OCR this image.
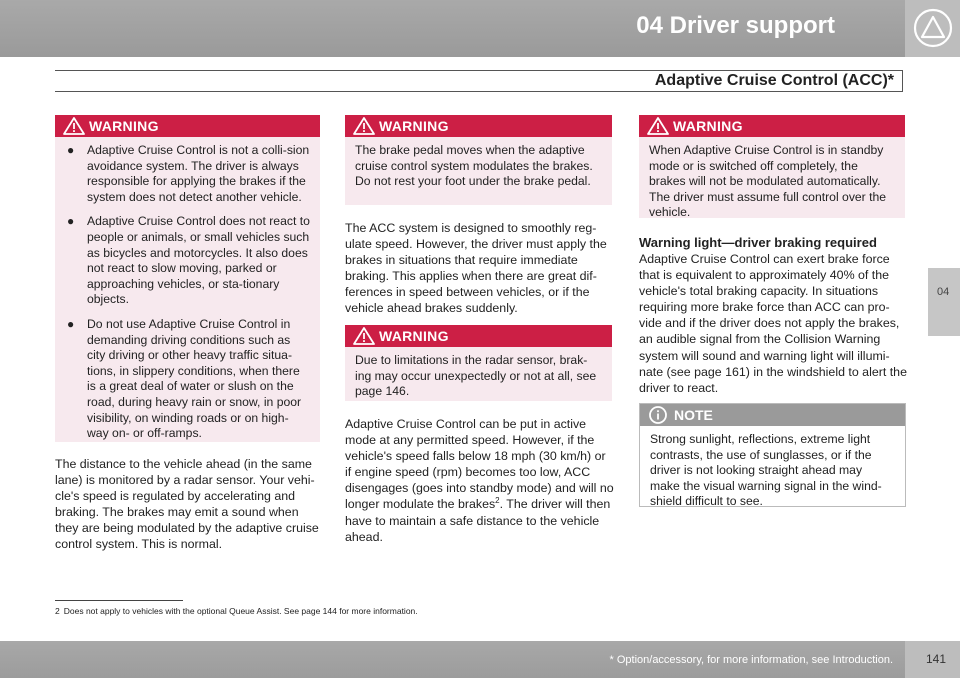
04 Driver support
Adaptive Cruise Control (ACC)*
04
WARNING
● Adaptive Cruise Control is not a colli-sion avoidance system. The driver is always responsible for applying the brakes if the system does not detect another vehicle.
● Adaptive Cruise Control does not react to people or animals, or small vehicles such as bicycles and motorcycles. It also does not react to slow moving, parked or approaching vehicles, or sta-tionary objects.
● Do not use Adaptive Cruise Control in demanding driving conditions such as city driving or other heavy traffic situa-tions, in slippery conditions, when there is a great deal of water or slush on the road, during heavy rain or snow, in poor visibility, on winding roads or on high-way on- or off-ramps.
The distance to the vehicle ahead (in the same lane) is monitored by a radar sensor. Your vehi-cle's speed is regulated by accelerating and braking. The brakes may emit a sound when they are being modulated by the adaptive cruise control system. This is normal.
WARNING
The brake pedal moves when the adaptive cruise control system modulates the brakes. Do not rest your foot under the brake pedal.
The ACC system is designed to smoothly reg-ulate speed. However, the driver must apply the brakes in situations that require immediate braking. This applies when there are great dif-ferences in speed between vehicles, or if the vehicle ahead brakes suddenly.
WARNING
Due to limitations in the radar sensor, brak-ing may occur unexpectedly or not at all, see page 146.
Adaptive Cruise Control can be put in active mode at any permitted speed. However, if the vehicle's speed falls below 18 mph (30 km/h) or if engine speed (rpm) becomes too low, ACC disengages (goes into standby mode) and will no longer modulate the brakes$^2$. The driver will then have to maintain a safe distance to the vehicle ahead.
WARNING
When Adaptive Cruise Control is in standby mode or is switched off completely, the brakes will not be modulated automatically. The driver must assume full control over the vehicle.
Warning light—driver braking required
Adaptive Cruise Control can exert brake force that is equivalent to approximately 40% of the vehicle's total braking capacity. In situations requiring more brake force than ACC can pro-vide and if the driver does not apply the brakes, an audible signal from the Collision Warning system will sound and warning light will illumi-nate (see page 161) in the windshield to alert the driver to react.
NOTE
Strong sunlight, reflections, extreme light contrasts, the use of sunglasses, or if the driver is not looking straight ahead may make the visual warning signal in the wind-shield difficult to see.
2 Does not apply to vehicles with the optional Queue Assist. See page 144 for more information.
* Option/accessory, for more information, see Introduction.	141
